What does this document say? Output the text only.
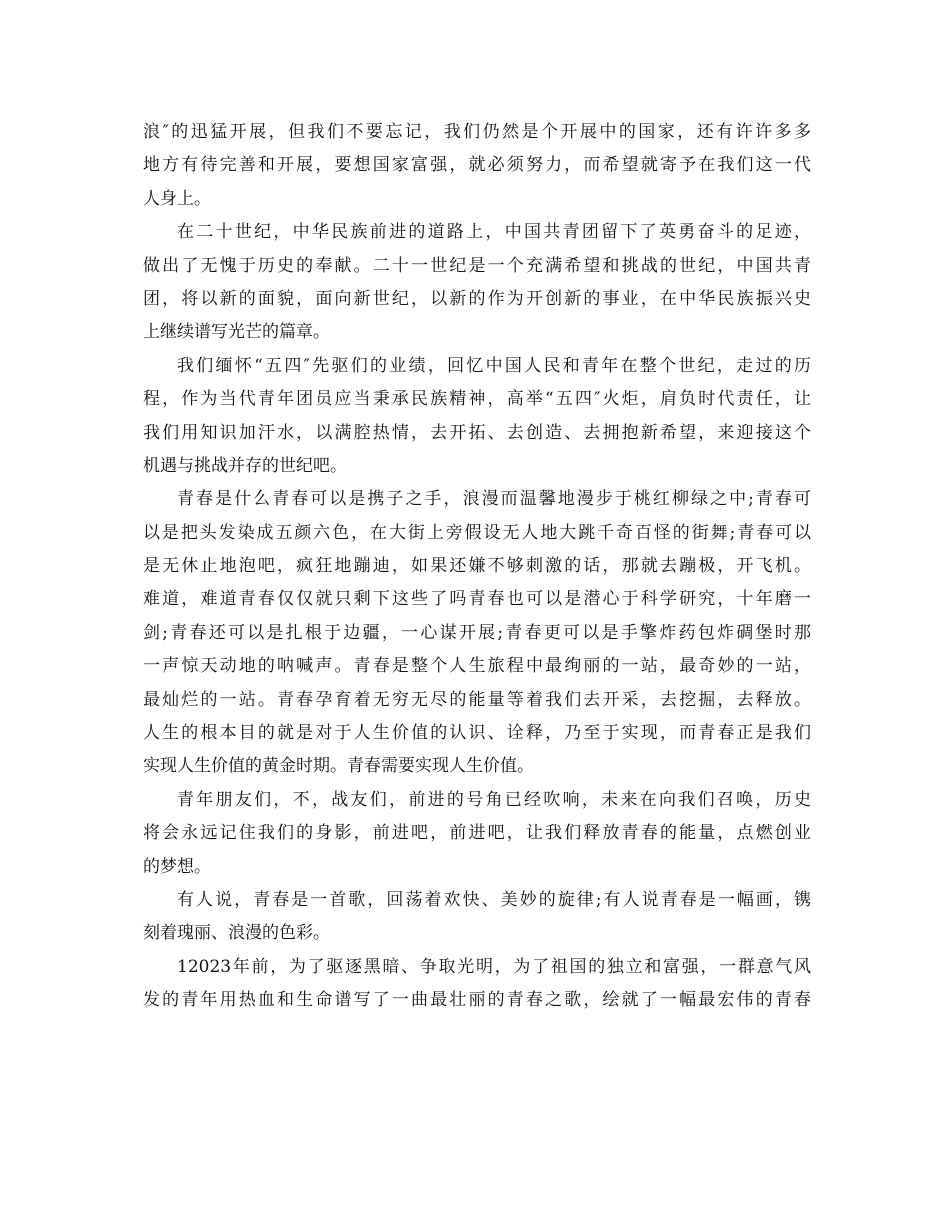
浪″的迅猛开展，但我们不要忘记，我们仍然是个开展中的国家，还有许许多多
地方有待完善和开展，要想国家富强，就必须努力，而希望就寄予在我们这一代
人身上。
在二十世纪，中华民族前进的道路上，中国共青团留下了英勇奋斗的足迹，
做出了无愧于历史的奉献。二十一世纪是一个充满希望和挑战的世纪，中国共青
团，将以新的面貌，面向新世纪，以新的作为开创新的事业，在中华民族振兴史
上继续谱写光芒的篇章。
我们缅怀“五四″先驱们的业绩，回忆中国人民和青年在整个世纪，走过的历
程，作为当代青年团员应当秉承民族精神，高举“五四″火炬，肩负时代责任，让
我们用知识加汗水，以满腔热情，去开拓、去创造、去拥抱新希望，来迎接这个
机遇与挑战并存的世纪吧。
青春是什么青春可以是携子之手，浪漫而温馨地漫步于桃红柳绿之中;青春可
以是把头发染成五颜六色，在大街上旁假设无人地大跳千奇百怪的街舞;青春可以
是无休止地泡吧，疯狂地蹦迪，如果还嫌不够刺激的话，那就去蹦极，开飞机。
难道，难道青春仅仅就只剩下这些了吗青春也可以是潜心于科学研究，十年磨一
剑;青春还可以是扎根于边疆，一心谋开展;青春更可以是手擎炸药包炸碉堡时那
一声惊天动地的呐喊声。青春是整个人生旅程中最绚丽的一站，最奇妙的一站，
最灿烂的一站。青春孕育着无穷无尽的能量等着我们去开采，去挖掘，去释放。
人生的根本目的就是对于人生价值的认识、诠释，乃至于实现，而青春正是我们
实现人生价值的黄金时期。青春需要实现人生价值。
青年朋友们，不，战友们，前进的号角已经吹响，未来在向我们召唤，历史
将会永远记住我们的身影，前进吧，前进吧，让我们释放青春的能量，点燃创业
的梦想。
有人说，青春是一首歌，回荡着欢快、美妙的旋律;有人说青春是一幅画，镌
刻着瑰丽、浪漫的色彩。
12023年前，为了驱逐黑暗、争取光明，为了祖国的独立和富强，一群意气风
发的青年用热血和生命谱写了一曲最壮丽的青春之歌，绘就了一幅最宏伟的青春
